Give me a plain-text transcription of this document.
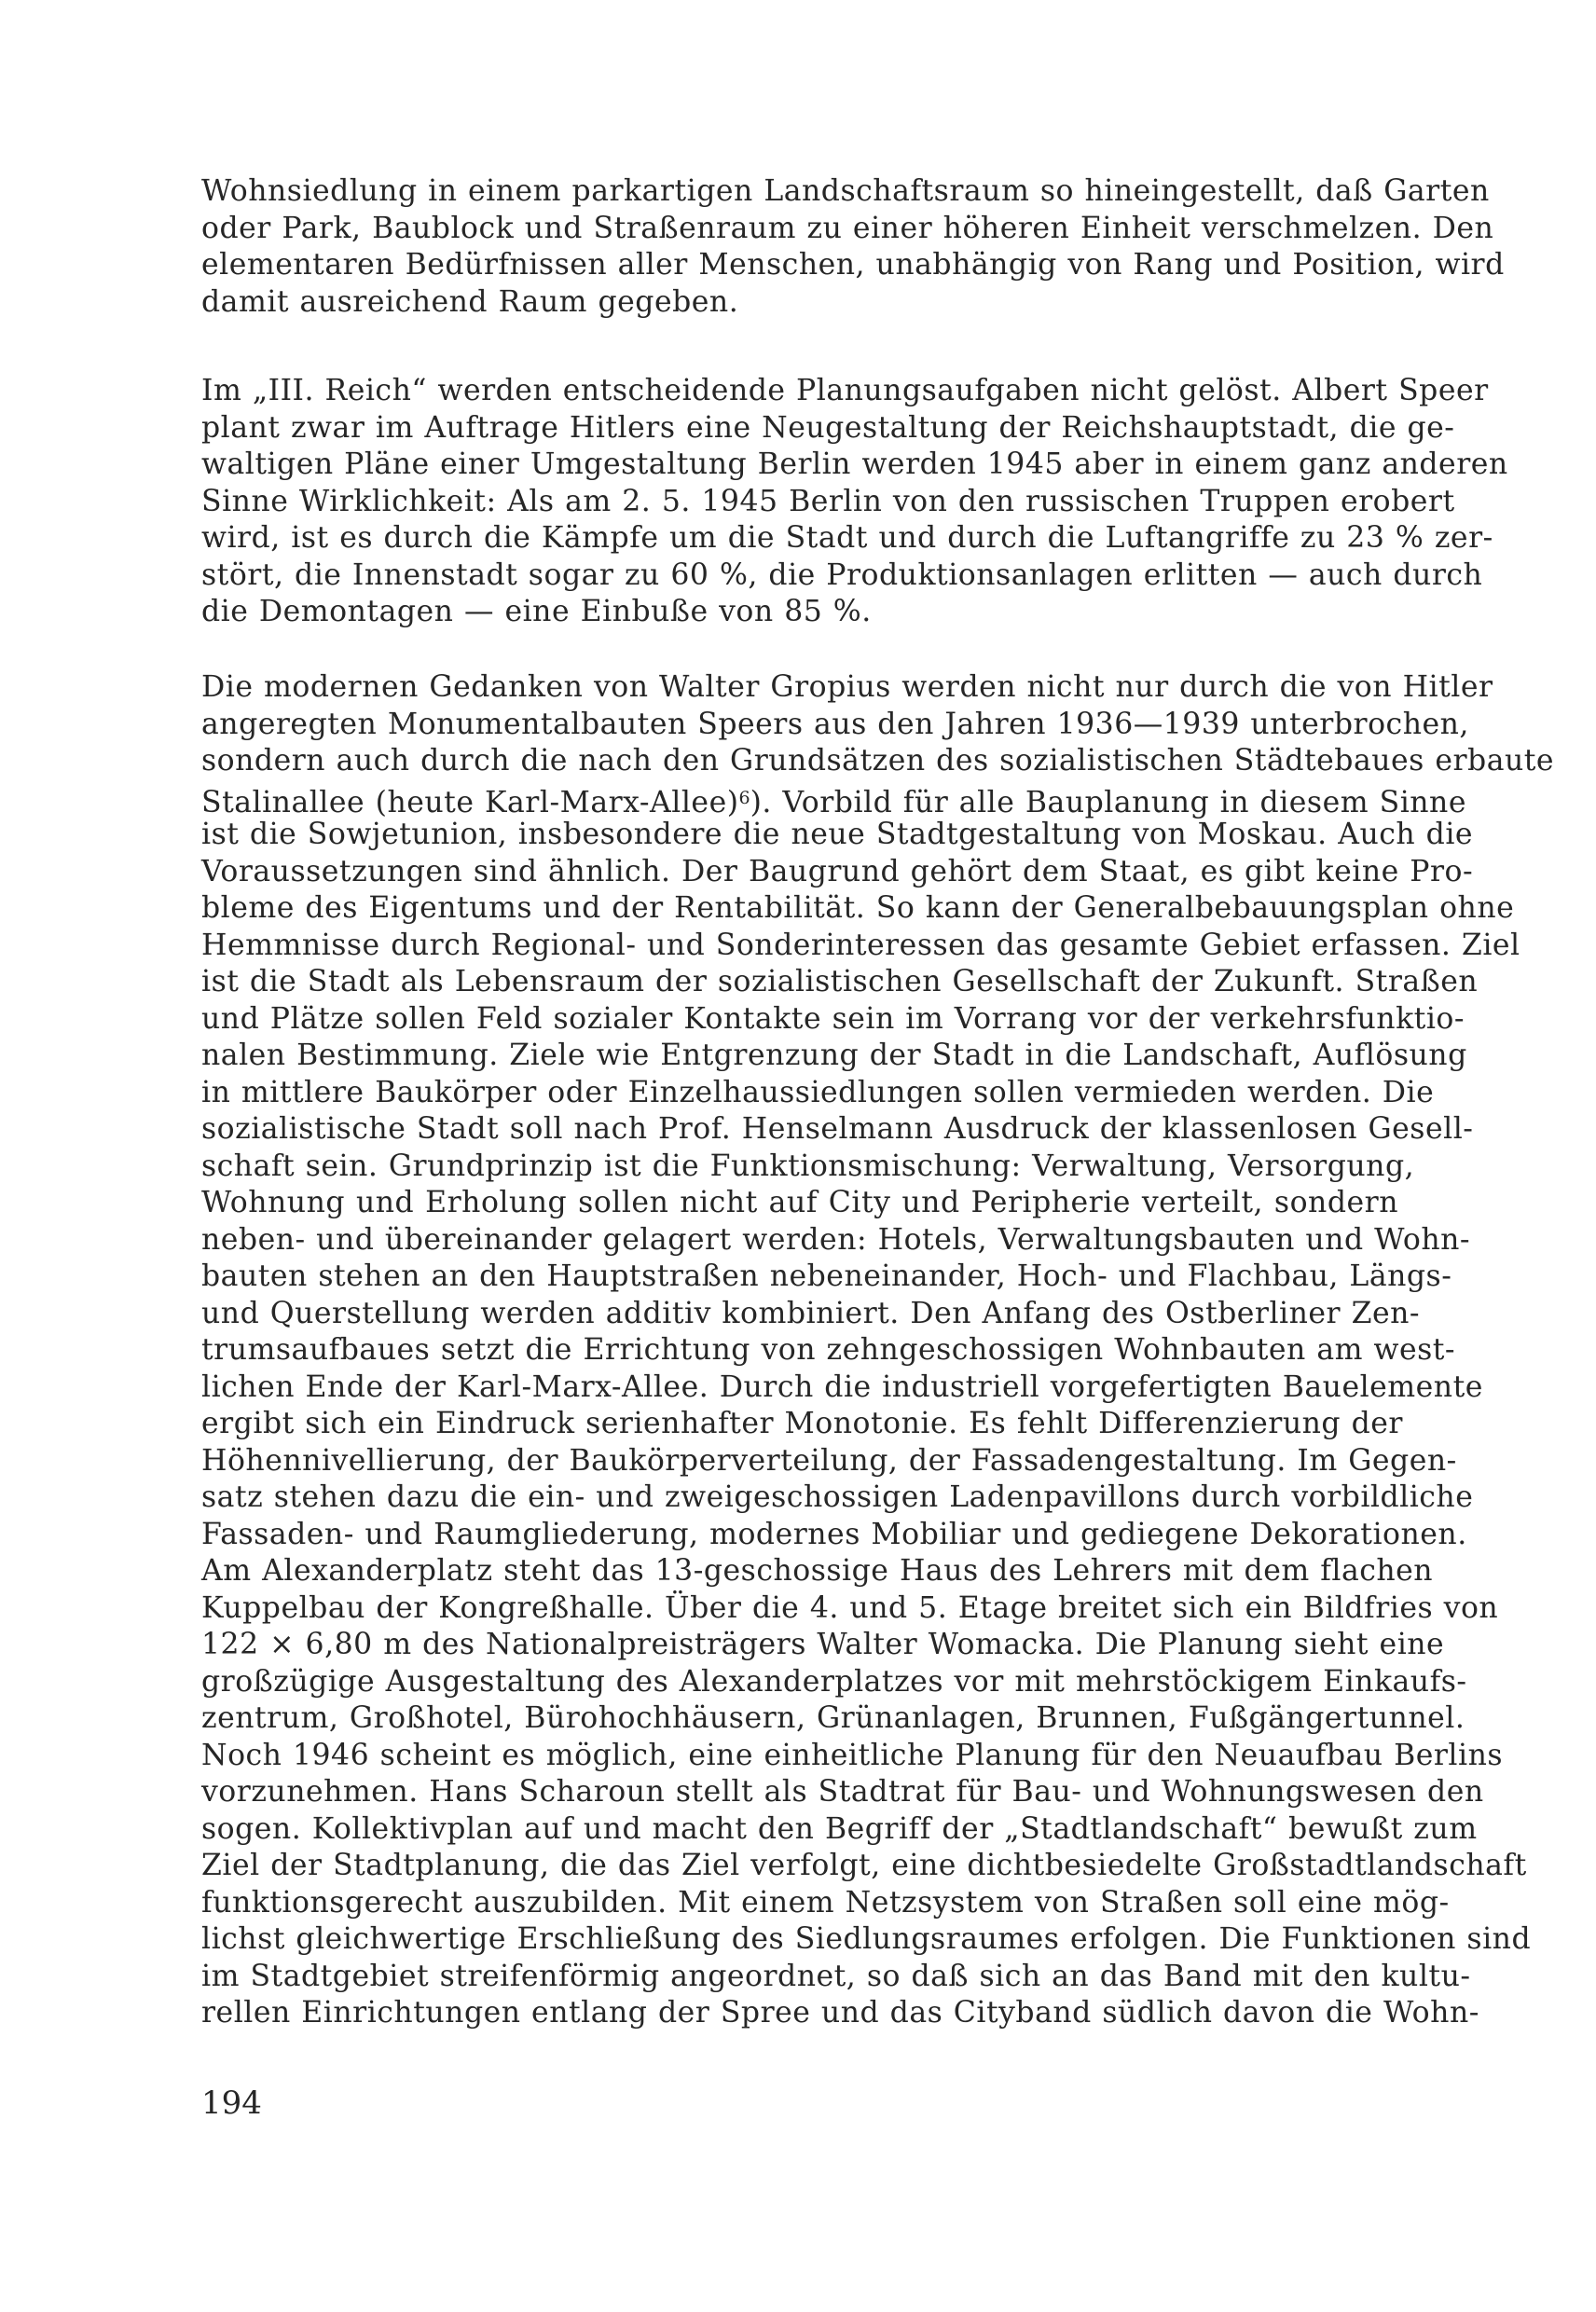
Wohnsiedlung in einem parkartigen Landschaftsraum so hineingestellt, daß Garten
oder Park, Baublock und Straßenraum zu einer höheren Einheit verschmelzen. Den
elementaren Bedürfnissen aller Menschen, unabhängig von Rang und Position, wird
damit ausreichend Raum gegeben.
Im „III. Reich“ werden entscheidende Planungsaufgaben nicht gelöst. Albert Speer
plant zwar im Auftrage Hitlers eine Neugestaltung der Reichshauptstadt, die ge-
waltigen Pläne einer Umgestaltung Berlin werden 1945 aber in einem ganz anderen
Sinne Wirklichkeit: Als am 2. 5. 1945 Berlin von den russischen Truppen erobert
wird, ist es durch die Kämpfe um die Stadt und durch die Luftangriffe zu 23 % zer-
stört, die Innenstadt sogar zu 60 %, die Produktionsanlagen erlitten — auch durch
die Demontagen — eine Einbuße von 85 %.
Die modernen Gedanken von Walter Gropius werden nicht nur durch die von Hitler
angeregten Monumentalbauten Speers aus den Jahren 1936—1939 unterbrochen,
sondern auch durch die nach den Grundsätzen des sozialistischen Städtebaues erbaute
Stalinallee (heute Karl-Marx-Allee)$^6$). Vorbild für alle Bauplanung in diesem Sinne
ist die Sowjetunion, insbesondere die neue Stadtgestaltung von Moskau. Auch die
Voraussetzungen sind ähnlich. Der Baugrund gehört dem Staat, es gibt keine Pro-
bleme des Eigentums und der Rentabilität. So kann der Generalbebauungsplan ohne
Hemmnisse durch Regional- und Sonderinteressen das gesamte Gebiet erfassen. Ziel
ist die Stadt als Lebensraum der sozialistischen Gesellschaft der Zukunft. Straßen
und Plätze sollen Feld sozialer Kontakte sein im Vorrang vor der verkehrsfunktio-
nalen Bestimmung. Ziele wie Entgrenzung der Stadt in die Landschaft, Auflösung
in mittlere Baukörper oder Einzelhaussiedlungen sollen vermieden werden. Die
sozialistische Stadt soll nach Prof. Henselmann Ausdruck der klassenlosen Gesell-
schaft sein. Grundprinzip ist die Funktionsmischung: Verwaltung, Versorgung,
Wohnung und Erholung sollen nicht auf City und Peripherie verteilt, sondern
neben- und übereinander gelagert werden: Hotels, Verwaltungsbauten und Wohn-
bauten stehen an den Hauptstraßen nebeneinander, Hoch- und Flachbau, Längs-
und Querstellung werden additiv kombiniert. Den Anfang des Ostberliner Zen-
trumsaufbaues setzt die Errichtung von zehngeschossigen Wohnbauten am west-
lichen Ende der Karl-Marx-Allee. Durch die industriell vorgefertigten Bauelemente
ergibt sich ein Eindruck serienhafter Monotonie. Es fehlt Differenzierung der
Höhennivellierung, der Baukörperverteilung, der Fassadengestaltung. Im Gegen-
satz stehen dazu die ein- und zweigeschossigen Ladenpavillons durch vorbildliche
Fassaden- und Raumgliederung, modernes Mobiliar und gediegene Dekorationen.
Am Alexanderplatz steht das 13-geschossige Haus des Lehrers mit dem flachen
Kuppelbau der Kongreßhalle. Über die 4. und 5. Etage breitet sich ein Bildfries von
122 × 6,80 m des Nationalpreisträgers Walter Womacka. Die Planung sieht eine
großzügige Ausgestaltung des Alexanderplatzes vor mit mehrstöckigem Einkaufs-
zentrum, Großhotel, Bürohochhäusern, Grünanlagen, Brunnen, Fußgängertunnel.
Noch 1946 scheint es möglich, eine einheitliche Planung für den Neuaufbau Berlins
vorzunehmen. Hans Scharoun stellt als Stadtrat für Bau- und Wohnungswesen den
sogen. Kollektivplan auf und macht den Begriff der „Stadtlandschaft“ bewußt zum
Ziel der Stadtplanung, die das Ziel verfolgt, eine dichtbesiedelte Großstadtlandschaft
funktionsgerecht auszubilden. Mit einem Netzsystem von Straßen soll eine mög-
lichst gleichwertige Erschließung des Siedlungsraumes erfolgen. Die Funktionen sind
im Stadtgebiet streifenförmig angeordnet, so daß sich an das Band mit den kultu-
rellen Einrichtungen entlang der Spree und das Cityband südlich davon die Wohn-
194
